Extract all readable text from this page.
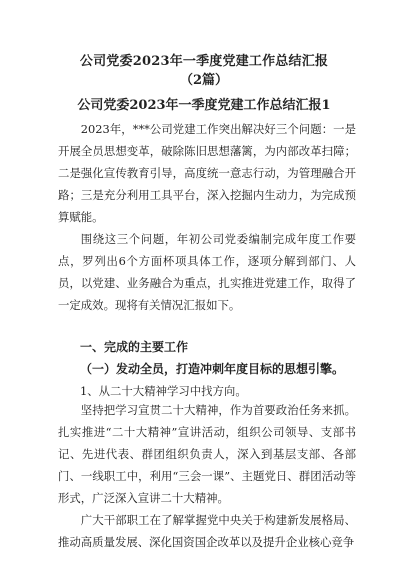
公司党委2023年一季度党建工作总结汇报
（2篇）
公司党委2023年一季度党建工作总结汇报1

2023年，***公司党建工作突出解决好三个问题：一是开展全员思想变革，破除陈旧思想藩篱，为内部改革扫障；二是强化宣传教育引导，高度统一意志行动，为管理融合开路；三是充分利用工具平台，深入挖掘内生动力，为完成预算赋能。

围绕这三个问题，年初公司党委编制完成年度工作要点，罗列出6个方面杯项具体工作，逐项分解到部门、人员，以党建、业务融合为重点，扎实推进党建工作，取得了一定成效。现将有关情况汇报如下。

一、完成的主要工作

（一）发动全员，打造冲刺年度目标的思想引擎。

1、从二十大精神学习中找方向。

坚持把学习宣贯二十大精神，作为首要政治任务来抓。扎实推进“二十大精神”宣讲活动，组织公司领导、支部书记、先进代表、群团组织负责人，深入到基层支部、各部门、一线职工中，利用“三会一课”、主题党日、群团活动等形式，广泛深入宣讲二十大精神。

广大干部职工在了解掌握党中央关于构建新发展格局、推动高质量发展、深化国资国企改革以及提升企业核心竞争
